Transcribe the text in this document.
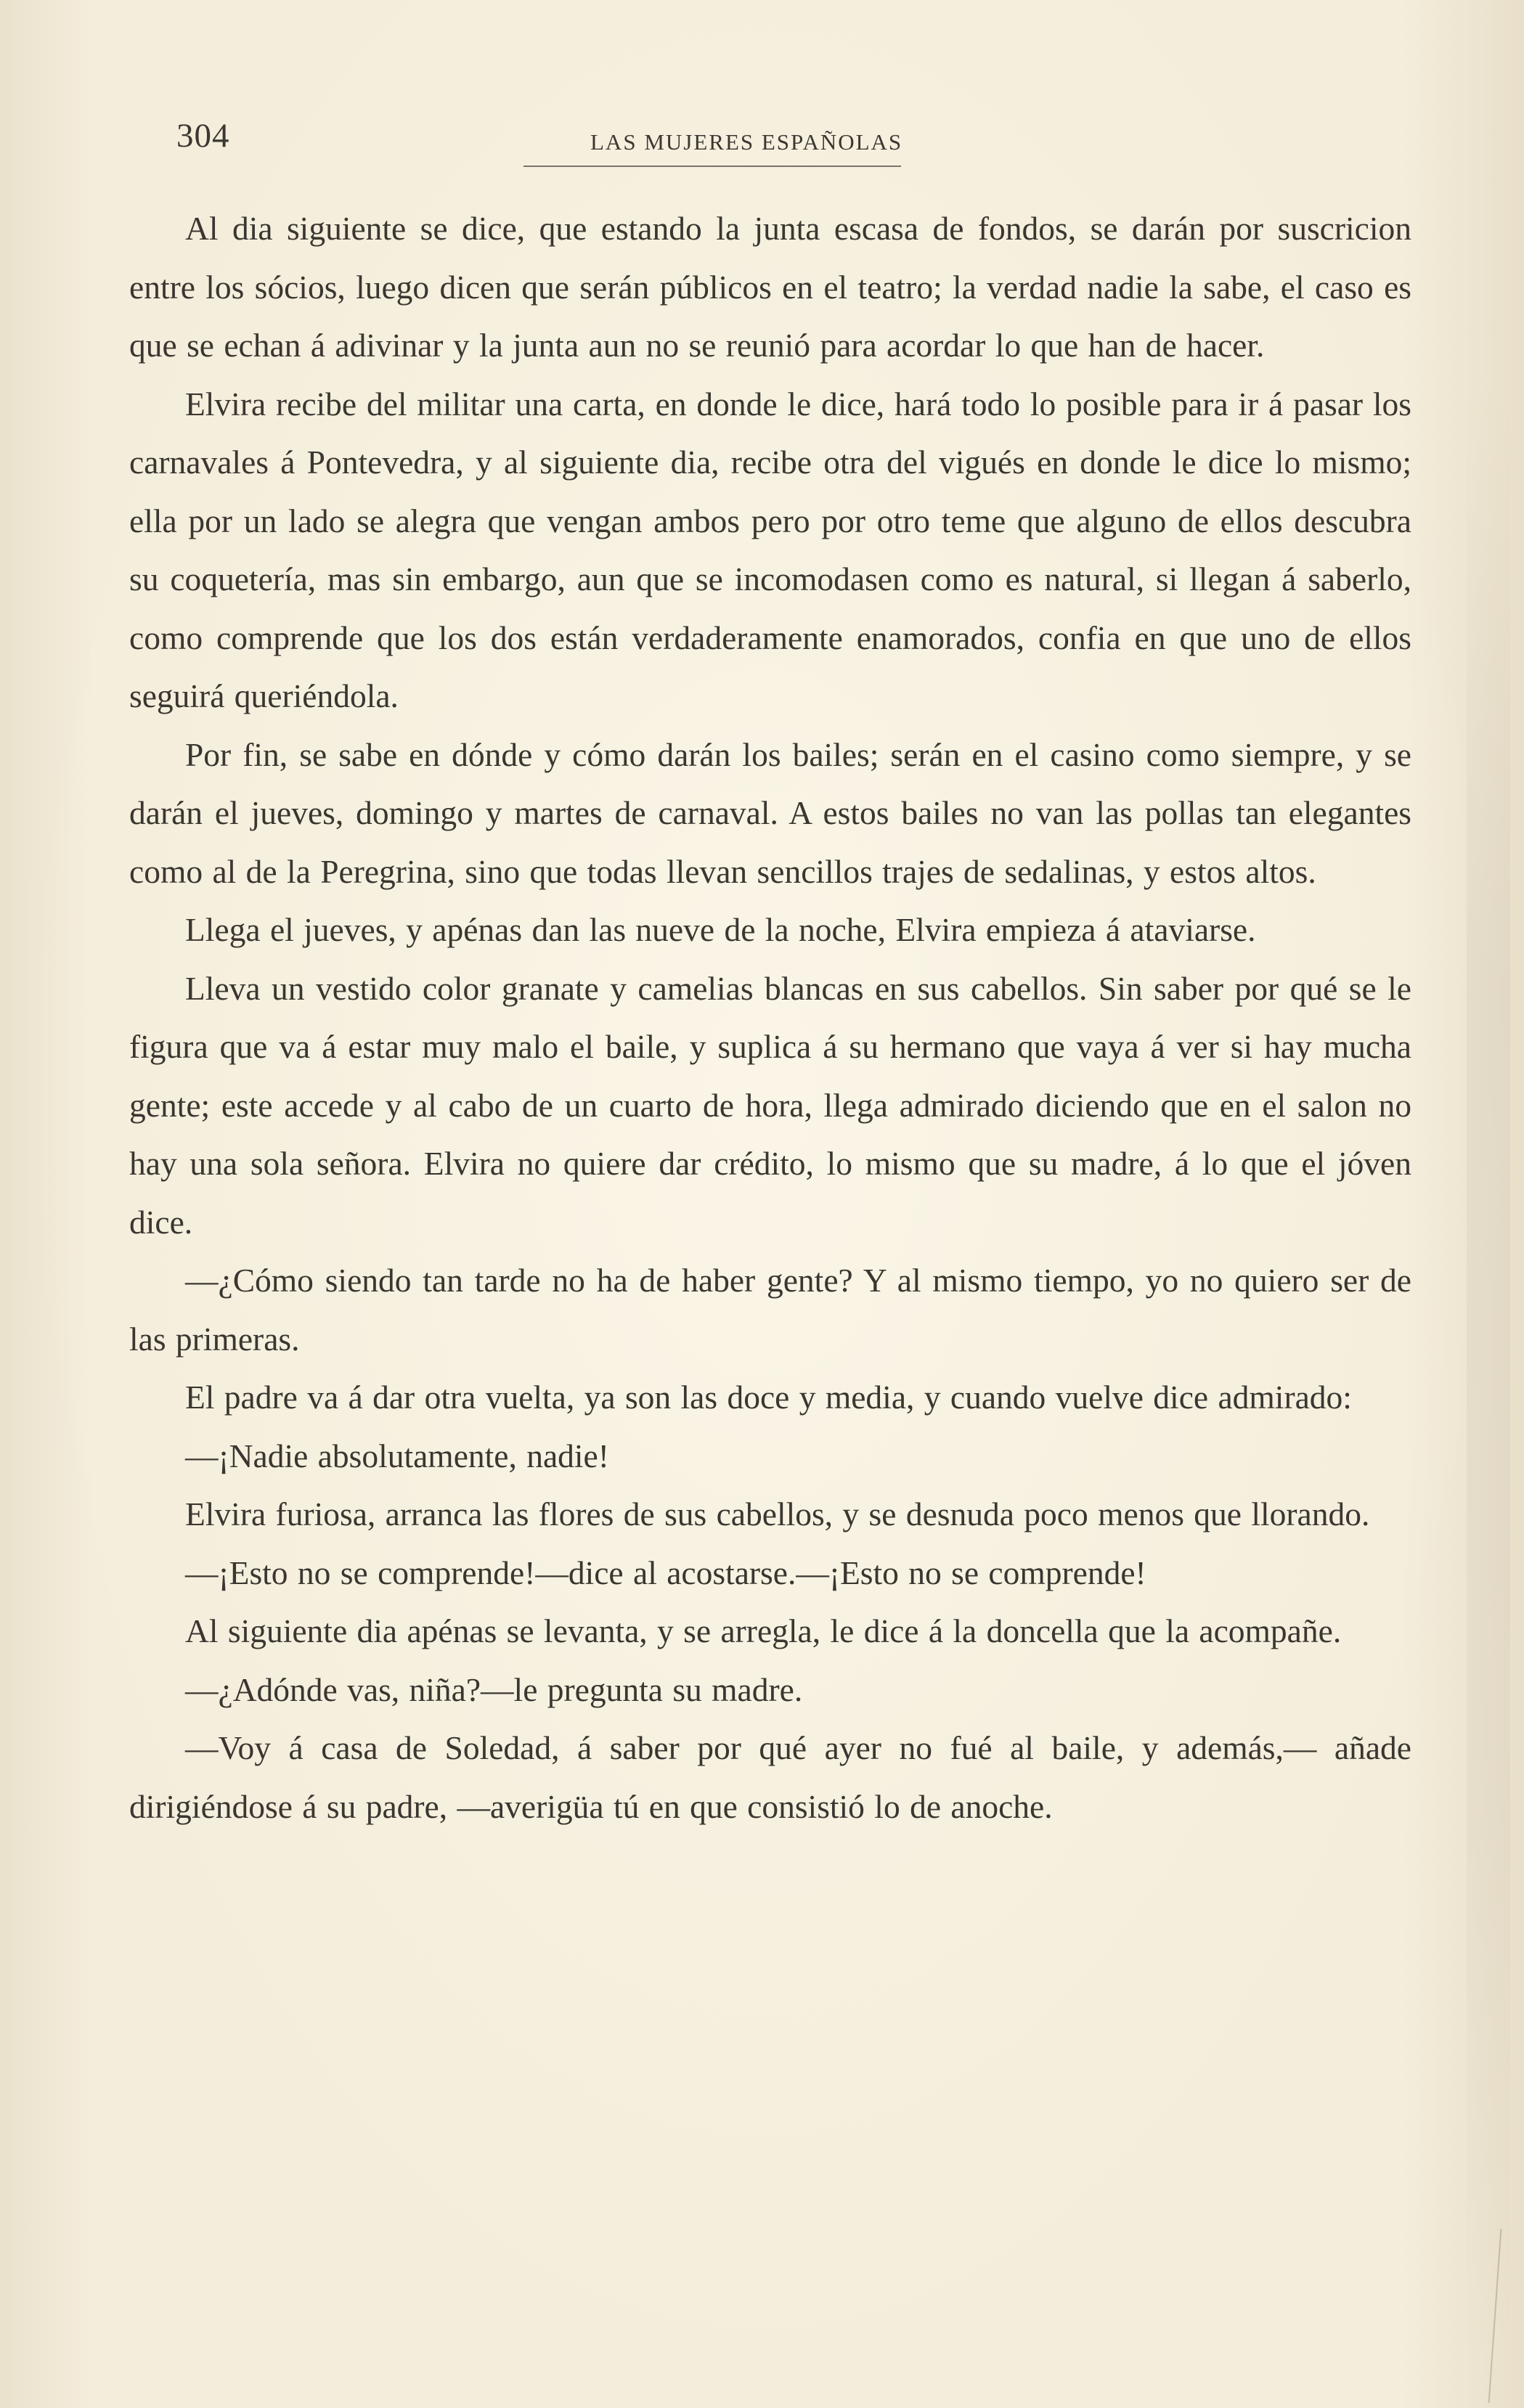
304	LAS MUJERES ESPAÑOLAS

Al dia siguiente se dice, que estando la junta escasa de fondos, se darán por suscricion entre los sócios, luego dicen que serán públicos en el teatro; la verdad nadie la sabe, el caso es que se echan á adivinar y la junta aun no se reunió para acordar lo que han de hacer.

Elvira recibe del militar una carta, en donde le dice, hará todo lo posible para ir á pasar los carnavales á Pontevedra, y al siguiente dia, recibe otra del vigués en donde le dice lo mismo; ella por un lado se alegra que vengan ambos pero por otro teme que alguno de ellos descubra su coquetería, mas sin embargo, aun que se incomodasen como es natural, si llegan á saberlo, como comprende que los dos están verdaderamente enamorados, confia en que uno de ellos seguirá queriéndola.

Por fin, se sabe en dónde y cómo darán los bailes; serán en el casino como siempre, y se darán el jueves, domingo y martes de carnaval. A estos bailes no van las pollas tan elegantes como al de la Peregrina, sino que todas llevan sencillos trajes de sedalinas, y estos altos.

Llega el jueves, y apénas dan las nueve de la noche, Elvira empieza á ataviarse.

Lleva un vestido color granate y camelias blancas en sus cabellos. Sin saber por qué se le figura que va á estar muy malo el baile, y suplica á su hermano que vaya á ver si hay mucha gente; este accede y al cabo de un cuarto de hora, llega admirado diciendo que en el salon no hay una sola señora. Elvira no quiere dar crédito, lo mismo que su madre, á lo que el jóven dice.

—¿Cómo siendo tan tarde no ha de haber gente? Y al mismo tiempo, yo no quiero ser de las primeras.

El padre va á dar otra vuelta, ya son las doce y media, y cuando vuelve dice admirado:

—¡Nadie absolutamente, nadie!

Elvira furiosa, arranca las flores de sus cabellos, y se desnuda poco menos que llorando.

—¡Esto no se comprende!—dice al acostarse.—¡Esto no se comprende!

Al siguiente dia apénas se levanta, y se arregla, le dice á la doncella que la acompañe.

—¿Adónde vas, niña?—le pregunta su madre.

—Voy á casa de Soledad, á saber por qué ayer no fué al baile, y además,— añade dirigiéndose á su padre, —averigüa tú en que consistió lo de anoche.
